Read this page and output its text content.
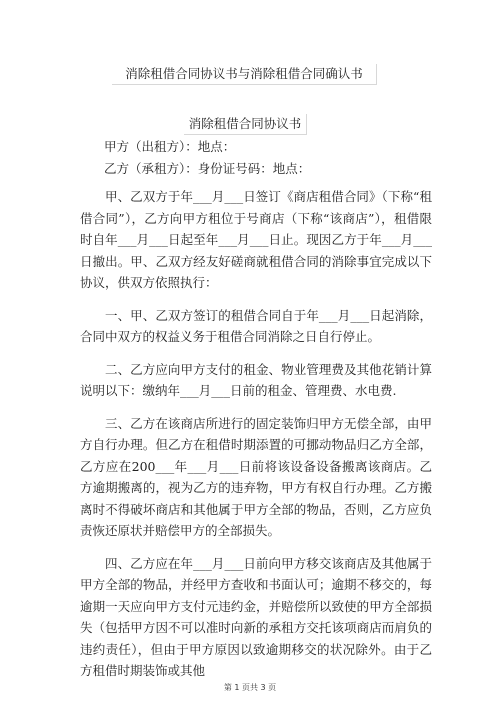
消除租借合同协议书与消除租借合同确认书
消除租借合同协议书
甲方（出租方）：地点：
乙方（承租方）：身份证号码：地点：

甲、乙双方于年___月___日签订《商店租借合同》（下称“租借合同”），乙方向甲方租位于号商店（下称“该商店”），租借限时自年___月___日起至年___月___日止。现因乙方于年___月___日撤出。甲、乙双方经友好磋商就租借合同的消除事宜完成以下协议，供双方依照执行：

一、甲、乙双方签订的租借合同自于年___月___日起消除，合同中双方的权益义务于租借合同消除之日自行停止。

二、乙方应向甲方支付的租金、物业管理费及其他花销计算说明以下：缴纳年___月___日前的租金、管理费、水电费.

三、乙方在该商店所进行的固定装饰归甲方无偿全部，由甲方自行办理。但乙方在租借时期添置的可挪动物品归乙方全部，乙方应在200___年___月___日前将该设备设备搬离该商店。乙方逾期搬离的，视为乙方的违弃物，甲方有权自行办理。乙方搬离时不得破坏商店和其他属于甲方全部的物品，否则，乙方应负责恢还原状并赔偿甲方的全部损失。

四、乙方应在年___月___日前向甲方移交该商店及其他属于甲方全部的物品，并经甲方查收和书面认可；逾期不移交的，每逾期一天应向甲方支付元违约金，并赔偿所以致使的甲方全部损失（包括甲方因不可以准时向新的承租方交托该项商店而肩负的违约责任），但由于甲方原因以致逾期移交的状况除外。由于乙方租借时期装饰或其他

第 1 页共 3 页
